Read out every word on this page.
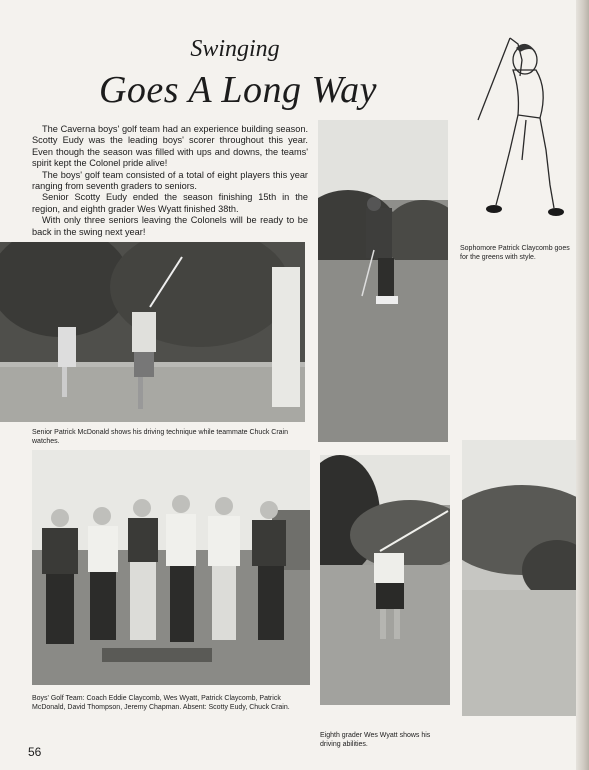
Swinging
Goes A Long Way

The Caverna boys' golf team had an experience building season. Scotty Eudy was the leading boys' scorer throughout this year. Even though the season was filled with ups and downs, the teams' spirit kept the Colonel pride alive!

The boys' golf team consisted of a total of eight players this year ranging from seventh graders to seniors.

Senior Scotty Eudy ended the season finishing 15th in the region, and eighth grader Wes Wyatt finished 38th.

With only three seniors leaving the Colonels will be ready to be back in the swing next year!

Senior Patrick McDonald shows his driving technique while teammate Chuck Crain watches.
Sophomore Patrick Claycomb goes for the greens with style.
Boys' Golf Team: Coach Eddie Claycomb, Wes Wyatt, Patrick Claycomb, Patrick McDonald, David Thompson, Jeremy Chapman. Absent: Scotty Eudy, Chuck Crain.
Eighth grader Wes Wyatt shows his driving abilities.
56
